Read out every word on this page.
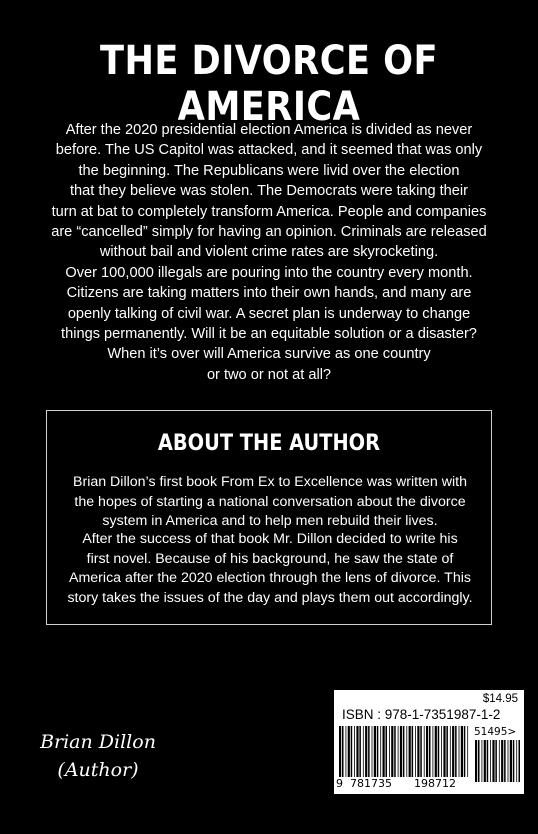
THE DIVORCE OF AMERICA
After the 2020 presidential election America is divided as never
before. The US Capitol was attacked, and it seemed that was only
the beginning. The Republicans were livid over the election
that they believe was stolen. The Democrats were taking their
turn at bat to completely transform America. People and companies
are “cancelled” simply for having an opinion. Criminals are released
without bail and violent crime rates are skyrocketing.
Over 100,000 illegals are pouring into the country every month.
Citizens are taking matters into their own hands, and many are
openly talking of civil war. A secret plan is underway to change
things permanently. Will it be an equitable solution or a disaster?
When it’s over will America survive as one country
or two or not at all?
ABOUT THE AUTHOR

Brian Dillon’s first book From Ex to Excellence was written with
the hopes of starting a national conversation about the divorce
system in America and to help men rebuild their lives.

After the success of that book Mr. Dillon decided to write his
first novel. Because of his background, he saw the state of
America after the 2020 election through the lens of divorce. This
story takes the issues of the day and plays them out accordingly.

Brian Dillon
(Author)
$14.95
ISBN : 978-1-7351987-1-2
51495>
9 781735 198712
